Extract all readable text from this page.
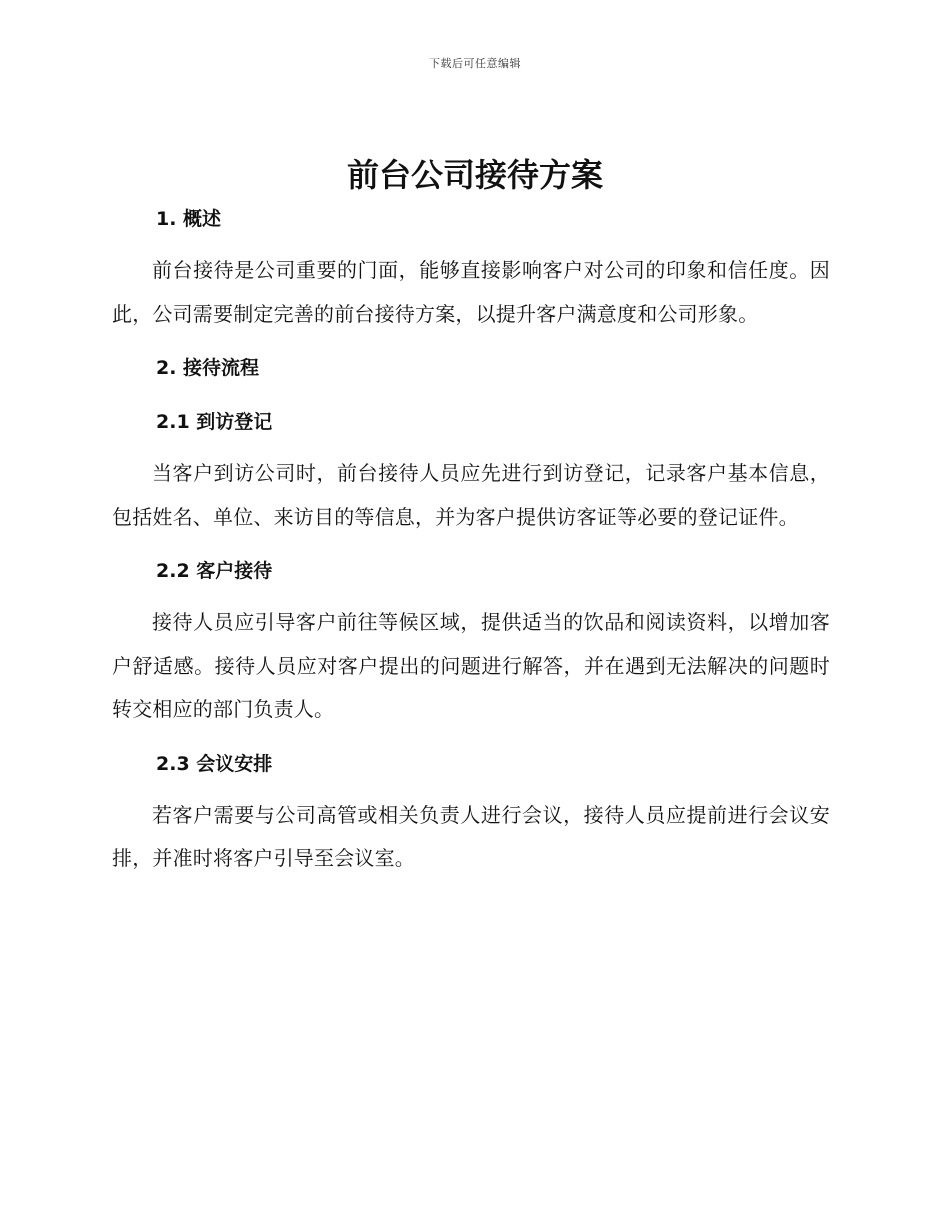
下载后可任意编辑
前台公司接待方案
1. 概述

前台接待是公司重要的门面，能够直接影响客户对公司的印象和信任度。因此，公司需要制定完善的前台接待方案，以提升客户满意度和公司形象。

2. 接待流程
2.1 到访登记

当客户到访公司时，前台接待人员应先进行到访登记，记录客户基本信息，包括姓名、单位、来访目的等信息，并为客户提供访客证等必要的登记证件。

2.2 客户接待

接待人员应引导客户前往等候区域，提供适当的饮品和阅读资料，以增加客户舒适感。接待人员应对客户提出的问题进行解答，并在遇到无法解决的问题时转交相应的部门负责人。

2.3 会议安排

若客户需要与公司高管或相关负责人进行会议，接待人员应提前进行会议安排，并准时将客户引导至会议室。
